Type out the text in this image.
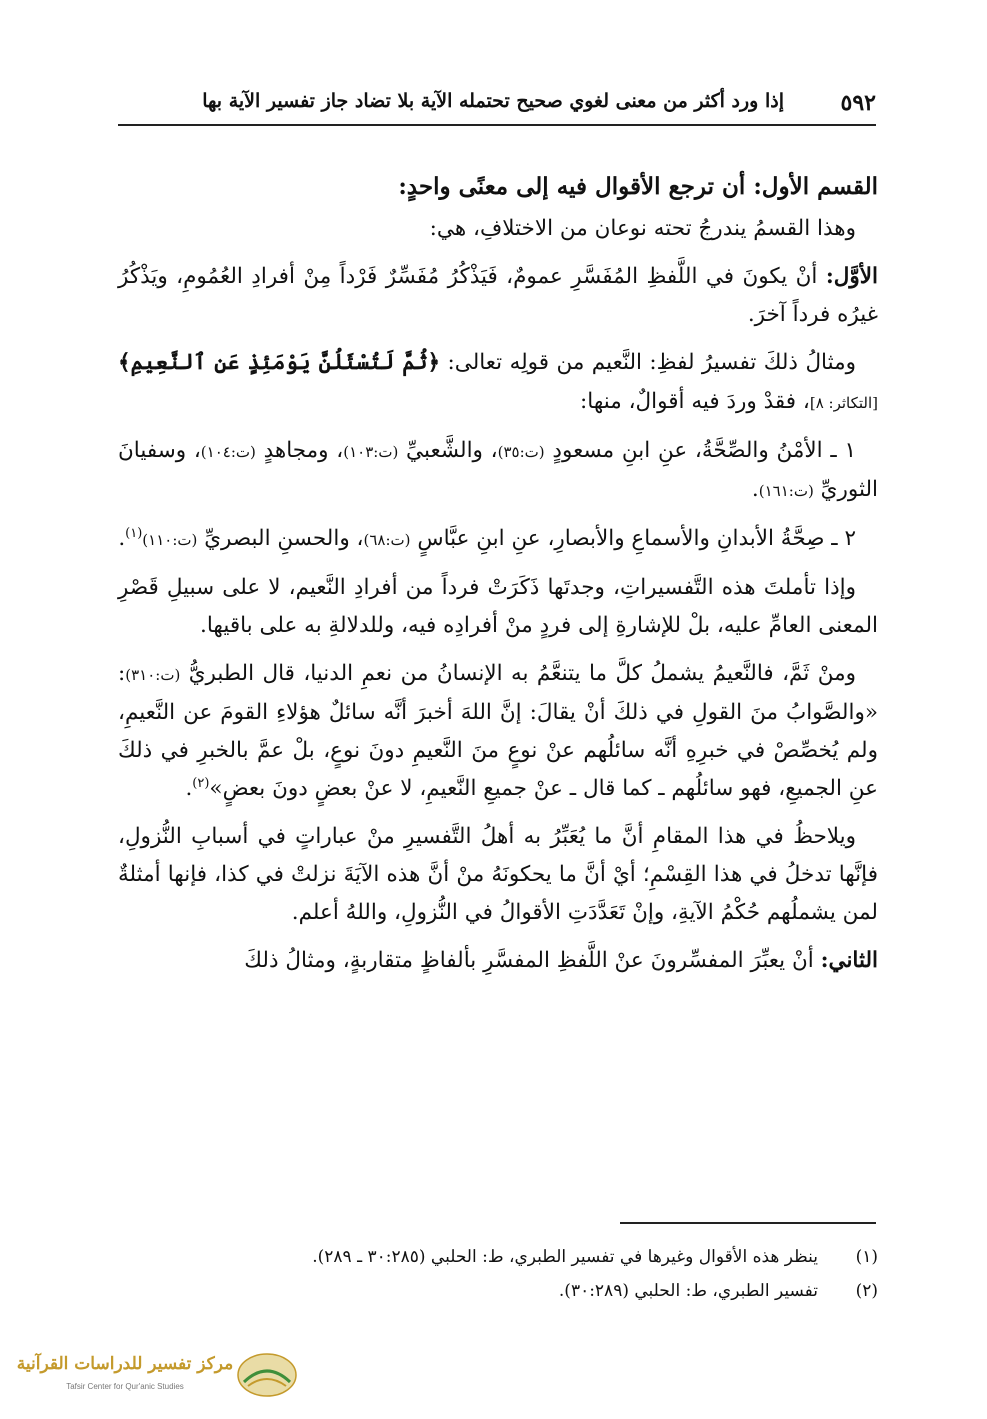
٥٩٢
إذا ورد أكثر من معنى لغوي صحيح تحتمله الآية بلا تضاد جاز تفسير الآية بها

القسم الأول: أن ترجع الأقوال فيه إلى معنًى واحدٍ:

وهذا القسمُ يندرجُ تحته نوعان من الاختلافِ، هي:

الأوَّل: أنْ يكونَ في اللَّفظِ المُفَسَّرِ عمومٌ، فَيَذْكُرُ مُفَسِّرٌ فَرْداً مِنْ أفرادِ العُمُومِ، ويَذْكُرُ غيرُه فرداً آخرَ.

ومثالُ ذلكَ تفسيرُ لفظِ: النَّعيم من قولِه تعالى: ﴿ثُمَّ لَتُسْئَلُنَّ يَوْمَئِذٍ عَنِ ٱلنَّعِيمِ﴾ [التكاثر: ٨]، فقدْ وردَ فيه أقوالٌ، منها:

١ ـ الأمْنُ والصِّحَّةُ، عنِ ابنِ مسعودٍ (ت:٣٥)، والشَّعبيِّ (ت:١٠٣)، ومجاهدٍ (ت:١٠٤)، وسفيانَ الثوريِّ (ت:١٦١).

٢ ـ صِحَّةُ الأبدانِ والأسماعِ والأبصارِ، عنِ ابنِ عبَّاسٍ (ت:٦٨)، والحسنِ البصريِّ (ت:١١٠)$^{(١)}$.

وإذا تأملتَ هذه التَّفسيراتِ، وجدتَها ذَكَرَتْ فرداً من أفرادِ النَّعيم، لا على سبيلِ قَصْرِ المعنى العامِّ عليه، بلْ للإشارةِ إلى فردٍ منْ أفرادِه فيه، وللدلالةِ به على باقيها.

ومنْ ثَمَّ، فالنَّعيمُ يشملُ كلَّ ما يتنعَّمُ به الإنسانُ من نعمِ الدنيا، قال الطبريُّ (ت:٣١٠): «والصَّوابُ منَ القولِ في ذلكَ أنْ يقالَ: إنَّ اللهَ أخبرَ أنَّه سائلٌ هؤلاءِ القومَ عن النَّعيمِ، ولم يُخصِّصْ في خبرِهِ أنَّه سائلُهم عنْ نوعٍ منَ النَّعيمِ دونَ نوعٍ، بلْ عمَّ بالخبرِ في ذلكَ عنِ الجميعِ، فهو سائلُهم ـ كما قال ـ عنْ جميعِ النَّعيمِ، لا عنْ بعضٍ دونَ بعضٍ»$^{(٢)}$.

ويلاحظُ في هذا المقامِ أنَّ ما يُعَبِّرُ به أهلُ التَّفسيرِ منْ عباراتٍ في أسبابِ النُّزولِ، فإنَّها تدخلُ في هذا القِسْمِ؛ أيْ أنَّ ما يحكونَهُ منْ أنَّ هذه الآيَةَ نزلتْ في كذا، فإنها أمثلةٌ لمن يشملُهم حُكْمُ الآيةِ، وإنْ تَعَدَّدَتِ الأقوالُ في النُّزولِ، واللهُ أعلم.

الثاني: أنْ يعبِّرَ المفسِّرونَ عنْ اللَّفظِ المفسَّرِ بألفاظٍ متقاربةٍ، ومثالُ ذلكَ

(١)
ينظر هذه الأقوال وغيرها في تفسير الطبري، ط: الحلبي (٣٠:٢٨٥ ـ ٢٨٩).
(٢)
تفسير الطبري، ط: الحلبي (٣٠:٢٨٩).
مركز تفسير للدراسات القرآنية
Tafsir Center for Qur'anic Studies
